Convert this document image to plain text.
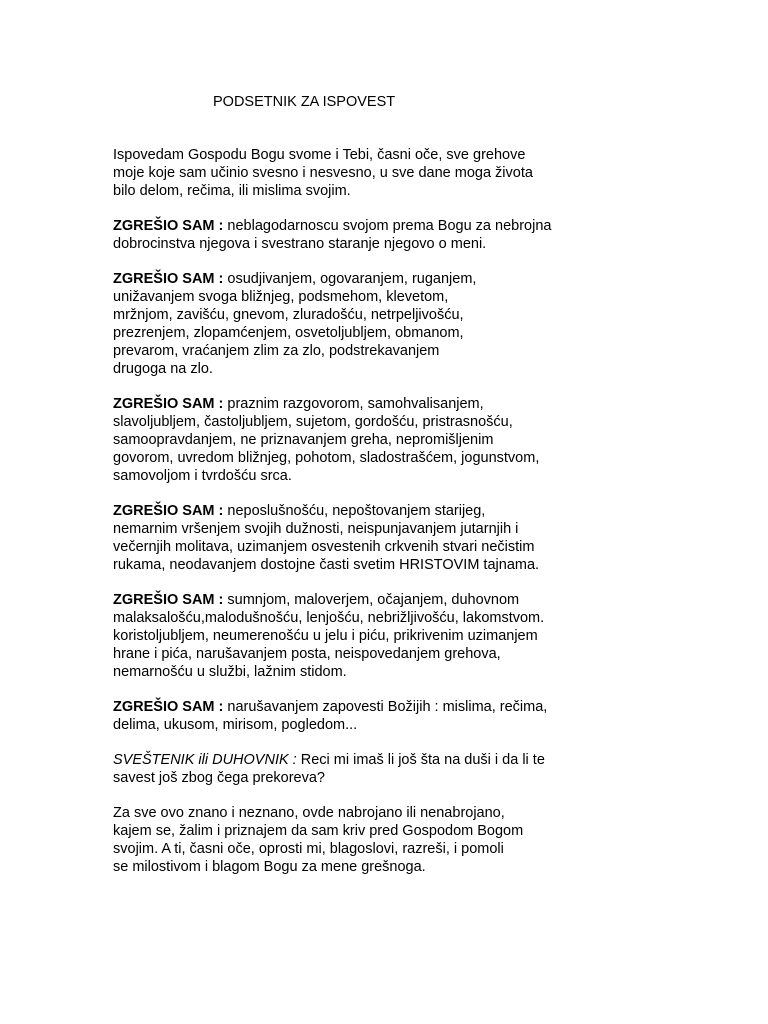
PODSETNIK ZA ISPOVEST

Ispovedam Gospodu Bogu svome i Tebi, časni oče, sve grehove
moje koje sam učinio svesno i nesvesno, u sve dane moga života
bilo delom, rečima, ili mislima svojim.

ZGREŠIO SAM : neblagodarnoscu svojom prema Bogu za nebrojna
dobrocinstva njegova i svestrano staranje njegovo o meni.

ZGREŠIO SAM : osudjivanjem, ogovaranjem, ruganjem,
unižavanjem svoga bližnjeg, podsmehom, klevetom,
mržnjom, zavišću, gnevom, zluradošću, netrpeljivošću,
prezrenjem, zlopamćenjem, osvetoljubljem, obmanom,
prevarom, vraćanjem zlim za zlo, podstrekavanjem
drugoga na zlo.

ZGREŠIO SAM : praznim razgovorom, samohvalisanjem,
slavoljubljem, častoljubljem, sujetom, gordošću, pristrasnošću,
samoopravdanjem, ne priznavanjem greha, nepromišljenim
govorom, uvredom bližnjeg, pohotom, sladostrašćem, jogunstvom,
samovoljom i tvrdošću srca.

ZGREŠIO SAM : neposlušnošću, nepoštovanjem starijeg,
nemarnim vršenjem svojih dužnosti, neispunjavanjem jutarnjih i
večernjih molitava, uzimanjem osvestenih crkvenih stvari nečistim
rukama, neodavanjem dostojne časti svetim HRISTOVIM tajnama.

ZGREŠIO SAM : sumnjom, maloverjem, očajanjem, duhovnom
malaksalošću,malodušnošću, lenjošću, nebrižljivošću, lakomstvom.
koristoljubljem, neumerenošću u jelu i piću, prikrivenim uzimanjem
hrane i pića, narušavanjem posta, neispovedanjem grehova,
nemarnošću u službi, lažnim stidom.

ZGREŠIO SAM : narušavanjem zapovesti Božijih : mislima, rečima,
delima, ukusom, mirisom, pogledom...

SVEŠTENIK ili DUHOVNIK : Reci mi imaš li još šta na duši i da li te
savest još zbog čega prekoreva?

Za sve ovo znano i neznano, ovde nabrojano ili nenabrojano,
kajem se, žalim i priznajem da sam kriv pred Gospodom Bogom
svojim. A ti, časni oče, oprosti mi, blagoslovi, razreši, i pomoli
se milostivom i blagom Bogu za mene grešnoga.
